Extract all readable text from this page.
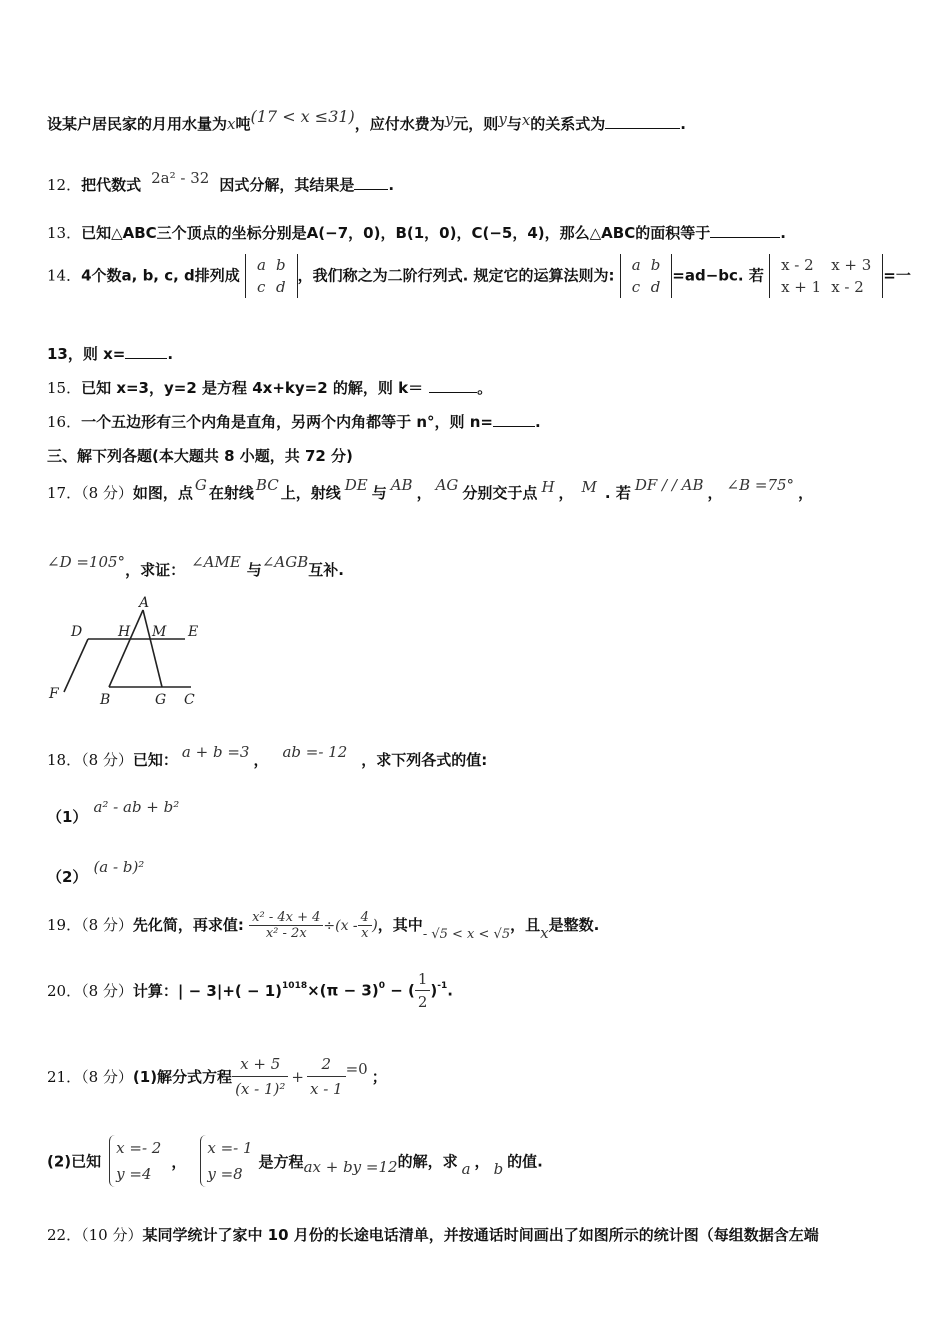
设某户居民家的月用水量为x吨(17 < x ≤31)，应付水费为y元，则y与x的关系式为	.
12．把代数式 2a² - 32 因式分解，其结果是 .
13．已知△ABC三个顶点的坐标分别是A(−7，0)，B(1，0)，C(−5，4)，那么△ABC的面积等于	.
14．4个数a, b, c, d排列成 a	b
c	d，我们称之为二阶行列式. 规定它的运算法则为: a	b
c	d=ad−bc. 若 x - 2	x + 3
x + 1	x - 2=一
13，则 x=	.
15．已知 x=3，y=2 是方程 4x+ky=2 的解，则 k＝	。
16．一个五边形有三个内角是直角，另两个内角都等于 n°，则 n=	.
三、解下列各题(本大题共 8 小题，共 72 分)
17．（8 分）如图，点 G 在射线 BC 上，射线 DE 与 AB ， AG 分别交于点 H ， M . 若 DF / / AB ， ∠B =75° ，
∠D =105°，求证： ∠AME 与∠AGB互补.
A
D	H M E
F	B	G C
18．（8 分）已知： a + b =3 ， ab =- 12 ，求下列各式的值:
（1）a² - ab + b²
（2）(a - b)²
19．（8 分）先化简，再求值: $\frac{\text{x² - 4x + 4}}{\text{x² - 2x}} \div(x - \frac{4}{x}$ )，其中- √5 < x < √5，且x是整数.
20．（8 分）计算：| − $3|+( - 1)^{1018}\times(\pi - 3)^0$ − ( $\frac{1}{2} )^{-1}$.
21．（8 分）(1)解分式方程 $\frac{x + 5}{\text{(x - 1)²}} + \frac{2}{x - 1} =0$ ；
(2)已知
x =- 2
y =4
，
x =- 1
y =8
是方程ax + by =12的解，求 a ， b 的值.
22．（10 分）某同学统计了家中 10 月份的长途电话清单，并按通话时间画出了如图所示的统计图（每组数据含左端
